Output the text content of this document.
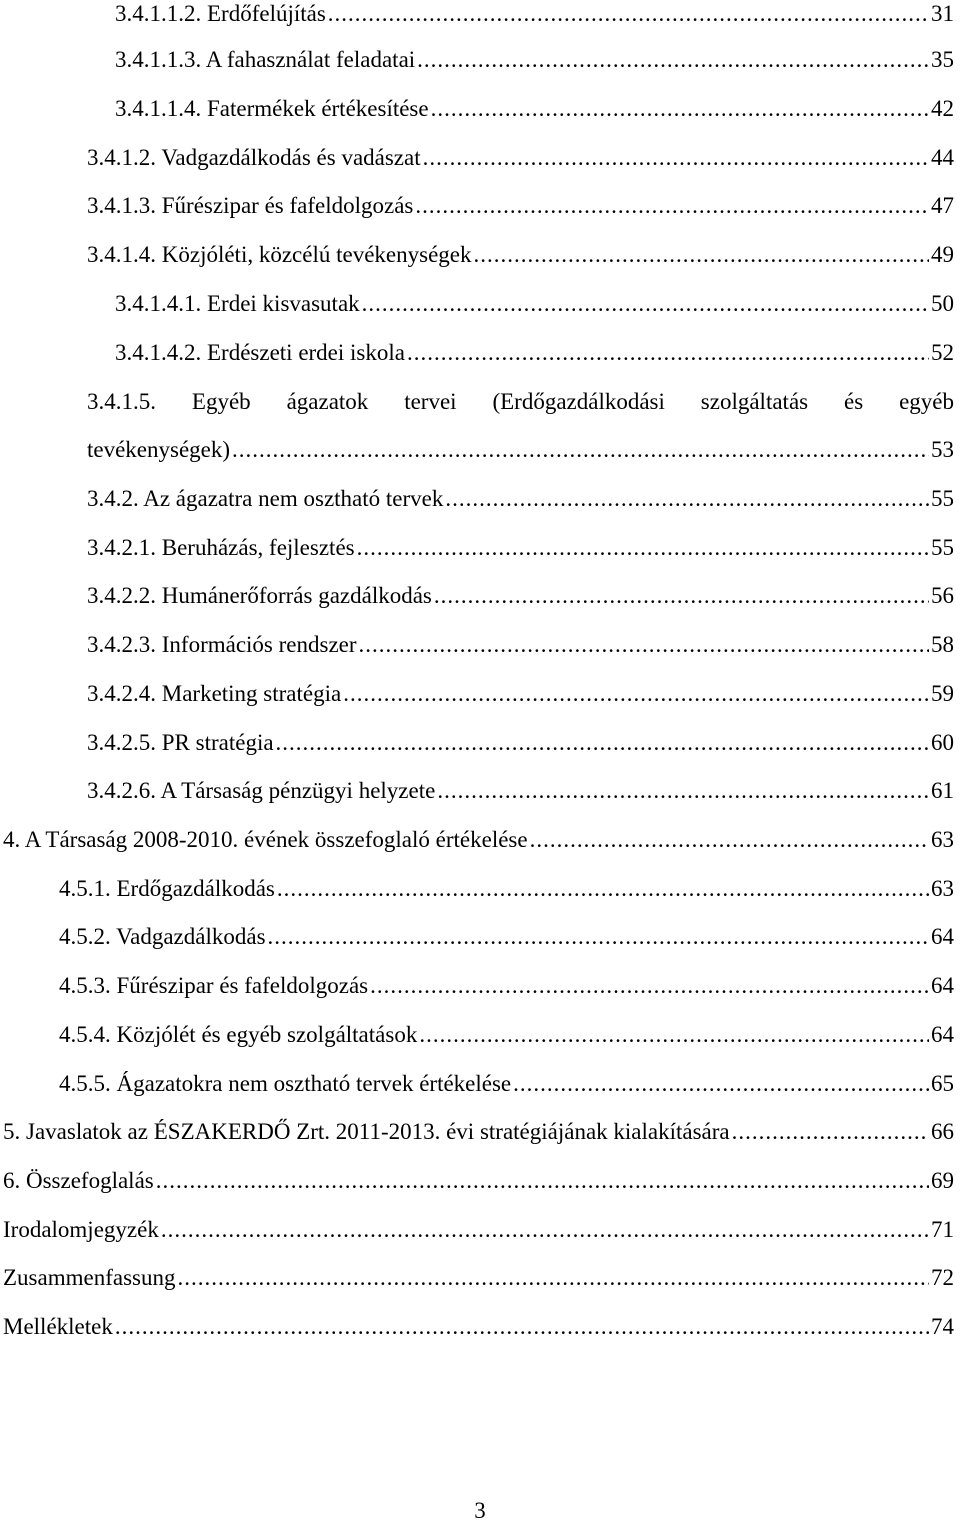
3.4.1.1.2. Erdőfelújítás .....	31
3.4.1.1.3. A fahasználat feladatai .....	35
3.4.1.1.4. Fatermékek értékesítése .....	42
3.4.1.2. Vadgazdálkodás és vadászat .....	44
3.4.1.3. Fűrészipar és fafeldolgozás .....	47
3.4.1.4. Közjóléti, közcélú tevékenységek .....	49
3.4.1.4.1. Erdei kisvasutak .....	50
3.4.1.4.2. Erdészeti erdei iskola .....	52
3.4.1.5. Egyéb ágazatok tervei (Erdőgazdálkodási szolgáltatás és egyéb
tevékenységek) .....	53
3.4.2. Az ágazatra nem osztható tervek .....	55
3.4.2.1. Beruházás, fejlesztés .....	55
3.4.2.2. Humánerőforrás gazdálkodás .....	56
3.4.2.3. Információs rendszer .....	58
3.4.2.4. Marketing stratégia .....	59
3.4.2.5. PR stratégia .....	60
3.4.2.6. A Társaság pénzügyi helyzete .....	61
4. A Társaság 2008-2010. évének összefoglaló értékelése .....	63
4.5.1. Erdőgazdálkodás .....	63
4.5.2. Vadgazdálkodás .....	64
4.5.3. Fűrészipar és fafeldolgozás .....	64
4.5.4. Közjólét és egyéb szolgáltatások .....	64
4.5.5. Ágazatokra nem osztható tervek értékelése .....	65
5. Javaslatok az ÉSZAKERDŐ Zrt. 2011-2013. évi stratégiájának kialakítására .....	66
6. Összefoglalás .....	69
Irodalomjegyzék .....	71
Zusammenfassung .....	72
Mellékletek .....	74
3
